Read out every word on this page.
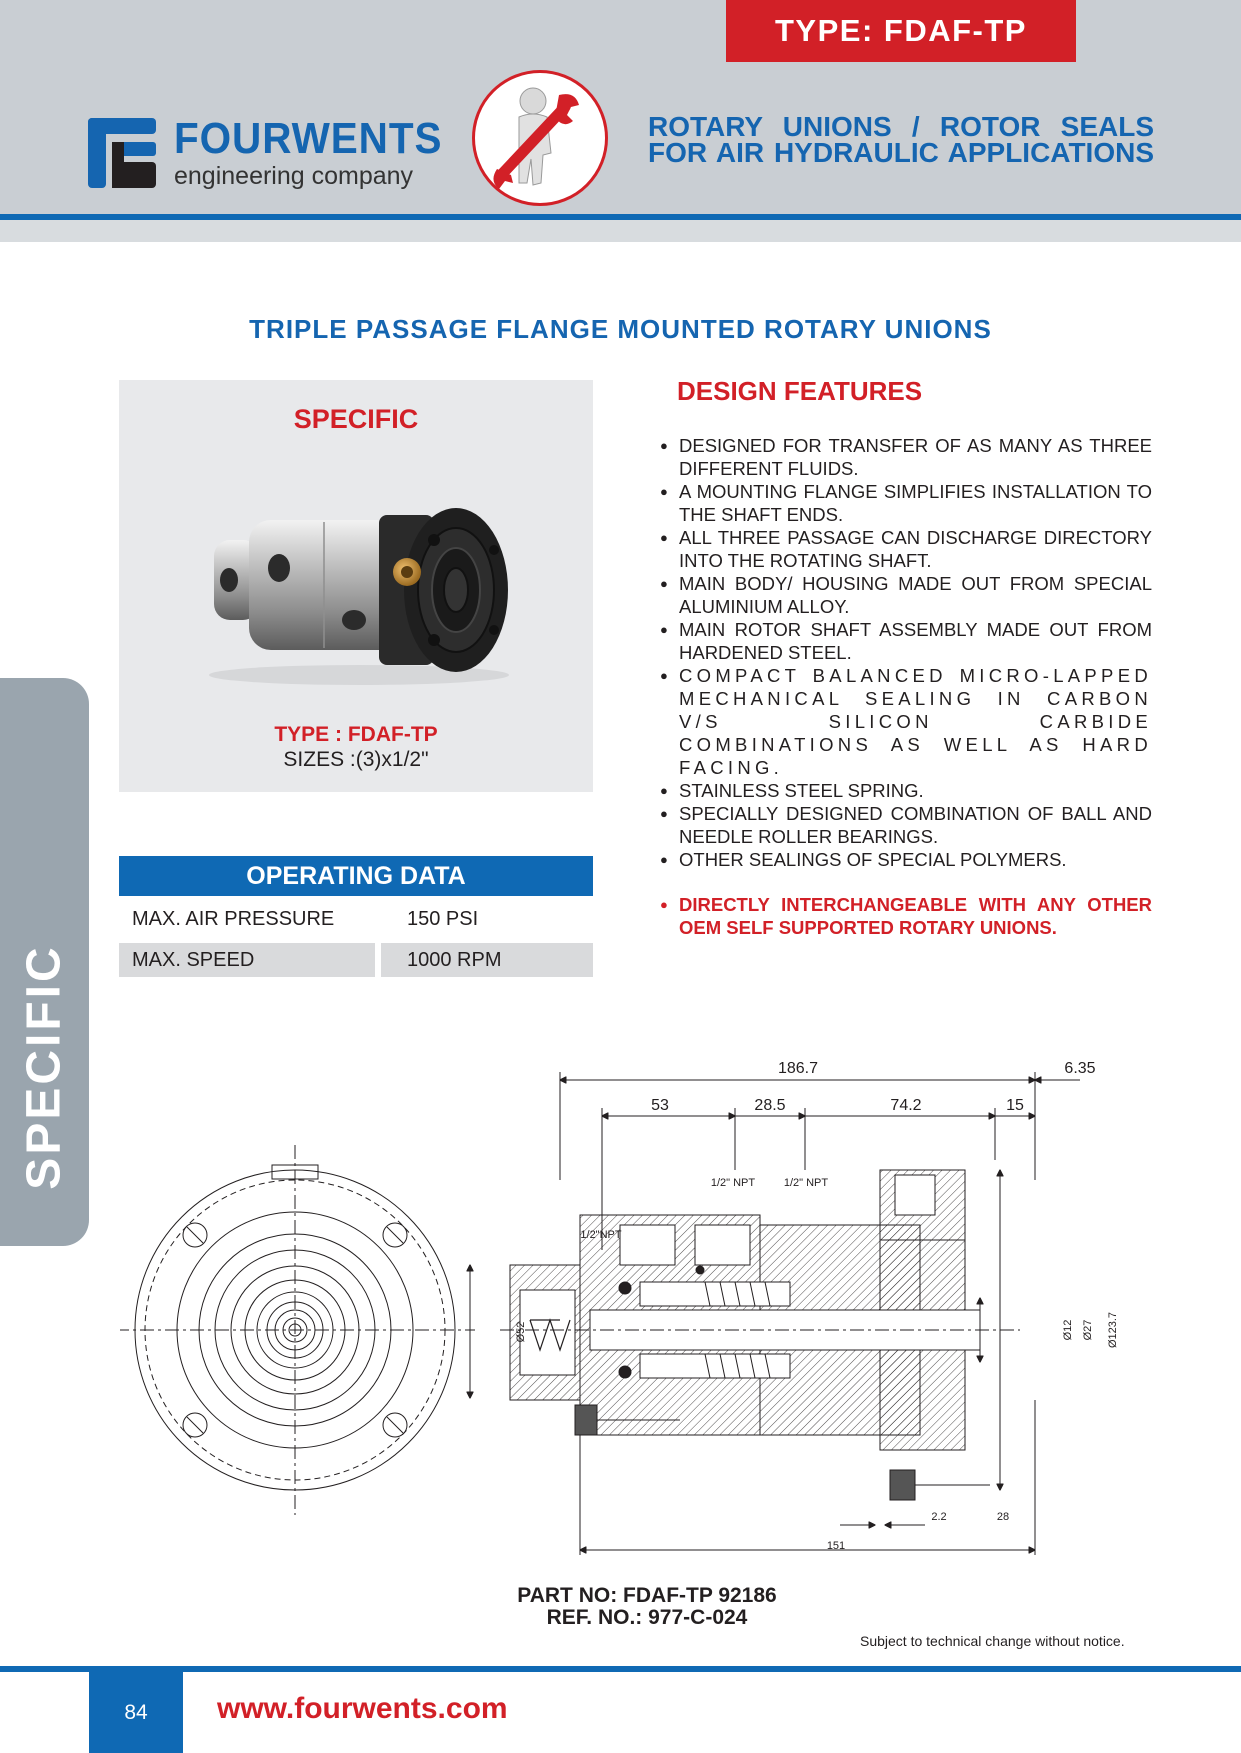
TYPE: FDAF-TP
FOURWENTS
engineering company
ROTARY UNIONS / ROTOR SEALS
FOR AIR HYDRAULIC APPLICATIONS
TRIPLE PASSAGE FLANGE MOUNTED ROTARY UNIONS
SPECIFIC
SPECIFIC
TYPE : FDAF-TP
SIZES :(3)x1/2"
OPERATING DATA
MAX. AIR PRESSURE	150 PSI
MAX. SPEED	1000 RPM
DESIGN FEATURES
● DESIGNED FOR TRANSFER OF AS MANY AS THREE DIFFERENT FLUIDS.
● A MOUNTING FLANGE SIMPLIFIES INSTALLATION TO THE SHAFT ENDS.
● ALL THREE PASSAGE CAN DISCHARGE DIRECTORY INTO THE ROTATING SHAFT.
● MAIN BODY/ HOUSING MADE OUT FROM SPECIAL ALUMINIUM ALLOY.
● MAIN ROTOR SHAFT ASSEMBLY MADE OUT FROM HARDENED STEEL.
● COMPACT BALANCED MICRO-LAPPED MECHANICAL SEALING IN CARBON V/S SILICON CARBIDE COMBINATIONS AS WELL AS HARD FACING.
● STAINLESS STEEL SPRING.
● SPECIALLY DESIGNED COMBINATION OF BALL AND NEEDLE ROLLER BEARINGS.
● OTHER SEALINGS OF SPECIAL POLYMERS.
● DIRECTLY INTERCHANGEABLE WITH ANY OTHER OEM SELF SUPPORTED ROTARY UNIONS.
186.7	6.35
53	28.5	74.2	15
1/2" NPT	1/2" NPT
1/2"NPT
Ø52	Ø12 Ø27 Ø123.7
2.2	28
151
PART NO: FDAF-TP 92186
REF. NO.: 977-C-024
Subject to technical change without notice.
84	www.fourwents.com
